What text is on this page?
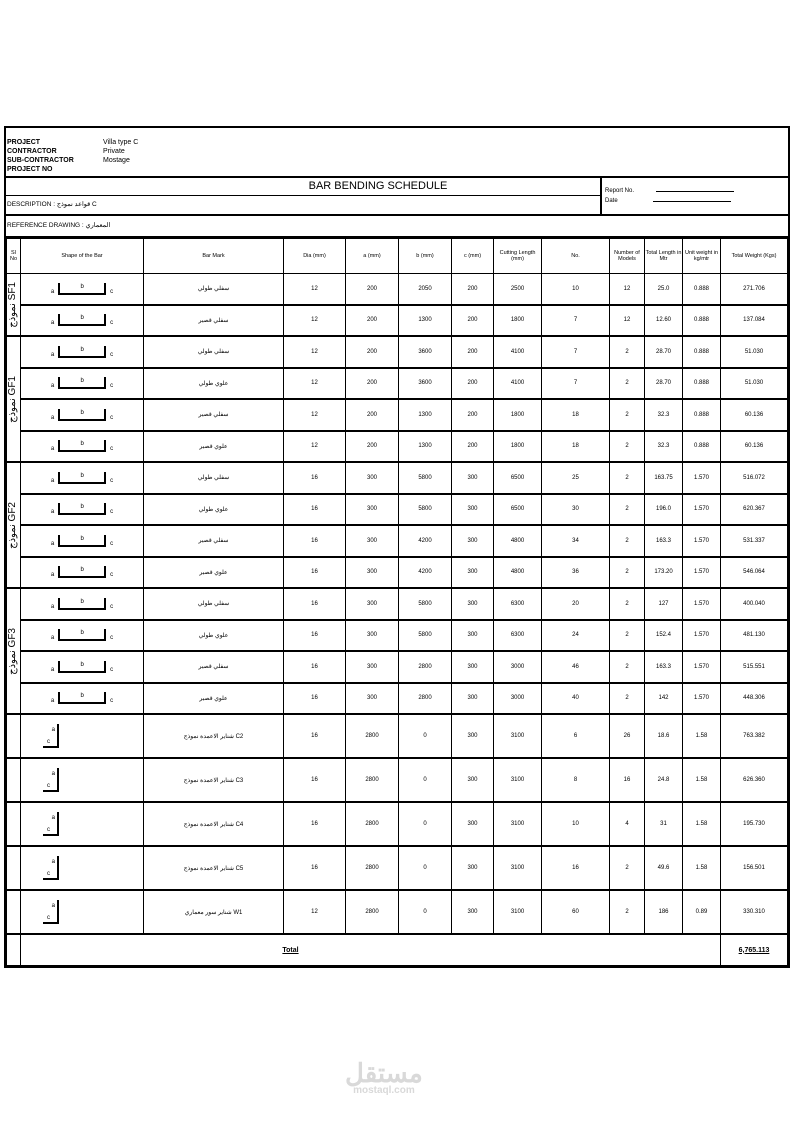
PROJECT	Villa type C
CONTRACTOR	Private
SUB-CONTRACTOR	Mostage
PROJECT NO
BAR BENDING SCHEDULE
DESCRIPTION : قواعد نموذج C
Report No.
Date
REFERENCE DRAWING : المعماري
Sl No	Shape of the Bar	Bar Mark	Dia (mm)	a (mm)	b (mm)	c (mm)	Cutting Length (mm)	No.	Number of Models	Total Length in Mtr	Unit weight in kg/mtr	Total Weight (Kgs)

نموذج SF1	a
b
c	سفلي طولي	12	200	2050	200	2500	10	12	25.0	0.888	271.706

	a
b
c	سفلي قصير	12	200	1300	200	1800	7	12	12.60	0.888	137.084

نموذج GF1	a
b
c	سفلي طولي	12	200	3600	200	4100	7	2	28.70	0.888	51.030

	a
b
c	علوي طولي	12	200	3600	200	4100	7	2	28.70	0.888	51.030

	a
b
c	سفلي قصير	12	200	1300	200	1800	18	2	32.3	0.888	60.136

	a
b
c	علوي قصير	12	200	1300	200	1800	18	2	32.3	0.888	60.136

نموذج GF2	a
b
c	سفلي طولي	16	300	5800	300	6500	25	2	163.75	1.570	516.072

	a
b
c	علوي طولي	16	300	5800	300	6500	30	2	196.0	1.570	620.367

	a
b
c	سفلي قصير	16	300	4200	300	4800	34	2	163.3	1.570	531.337

	a
b
c	علوي قصير	16	300	4200	300	4800	36	2	173.20	1.570	546.064

نموذج GF3	a
b
c	سفلي طولي	16	300	5800	300	6300	20	2	127	1.570	400.040

	a
b
c	علوي طولي	16	300	5800	300	6300	24	2	152.4	1.570	481.130

	a
b
c	سفلي قصير	16	300	2800	300	3000	46	2	163.3	1.570	515.551

	a
b
c	علوي قصير	16	300	2800	300	3000	40	2	142	1.570	448.306

	a
c	شناير الاعمدة نموذج C2	16	2800	0	300	3100	6	26	18.6	1.58	763.382

	a
c	شناير الاعمدة نموذج C3	16	2800	0	300	3100	8	16	24.8	1.58	626.360

	a
c	شناير الاعمدة نموذج C4	16	2800	0	300	3100	10	4	31	1.58	195.730

	a
c	شناير الاعمدة نموذج C5	16	2800	0	300	3100	16	2	49.6	1.58	156.501

	a
c	شناير سور معماري W1	12	2800	0	300	3100	60	2	186	0.89	330.310
	Total											6,765.113
مستقل
mostaql.com
